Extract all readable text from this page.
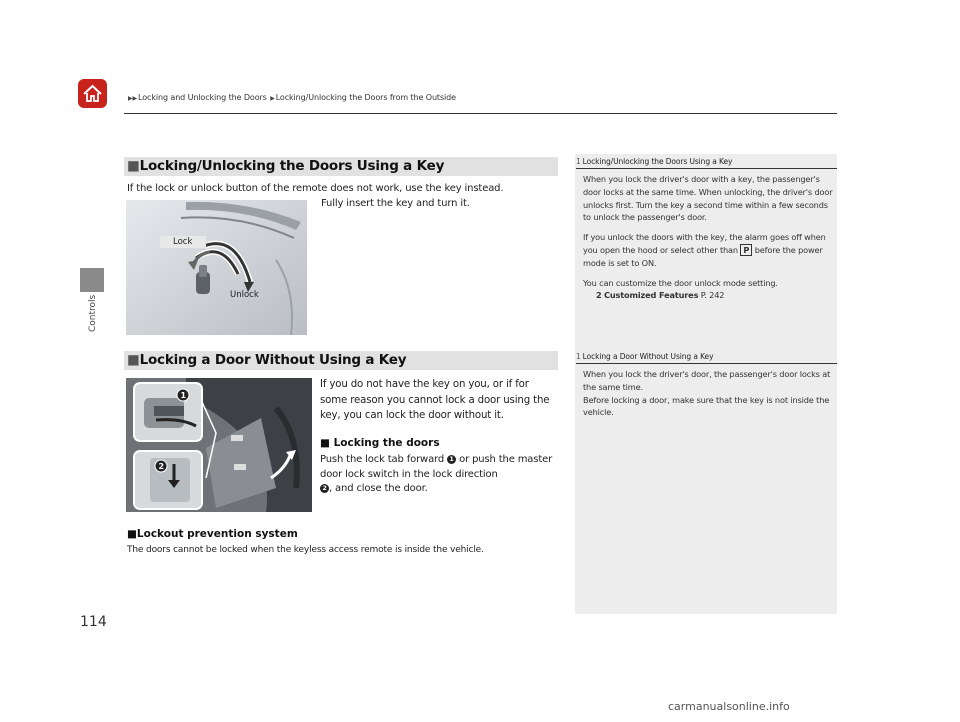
▶▶Locking and Unlocking the Doors ▶Locking/Unlocking the Doors from the Outside
Controls
114
■Locking/Unlocking the Doors Using a Key
If the lock or unlock button of the remote does not work, use the key instead.
Fully insert the key and turn it.
Lock
Unlock
■Locking a Door Without Using a Key
1
2
If you do not have the key on you, or if for some reason you cannot lock a door using the key, you can lock the door without it.
■ Locking the doors
Push the lock tab forward 1 or push the master door lock switch in the lock direction
2 , and close the door.
■Lockout prevention system
The doors cannot be locked when the keyless access remote is inside the vehicle.
1 Locking/Unlocking the Doors Using a Key
When you lock the driver's door with a key, the passenger's door locks at the same time. When unlocking, the driver's door unlocks first. Turn the key a second time within a few seconds to unlock the passenger's door.
If you unlock the doors with the key, the alarm goes off when you open the hood or select other than P before the power mode is set to ON.
You can customize the door unlock mode setting.
2 Customized Features P. 242
1 Locking a Door Without Using a Key
When you lock the driver's door, the passenger's door locks at the same time.
Before locking a door, make sure that the key is not inside the vehicle.
carmanualsonline.info
